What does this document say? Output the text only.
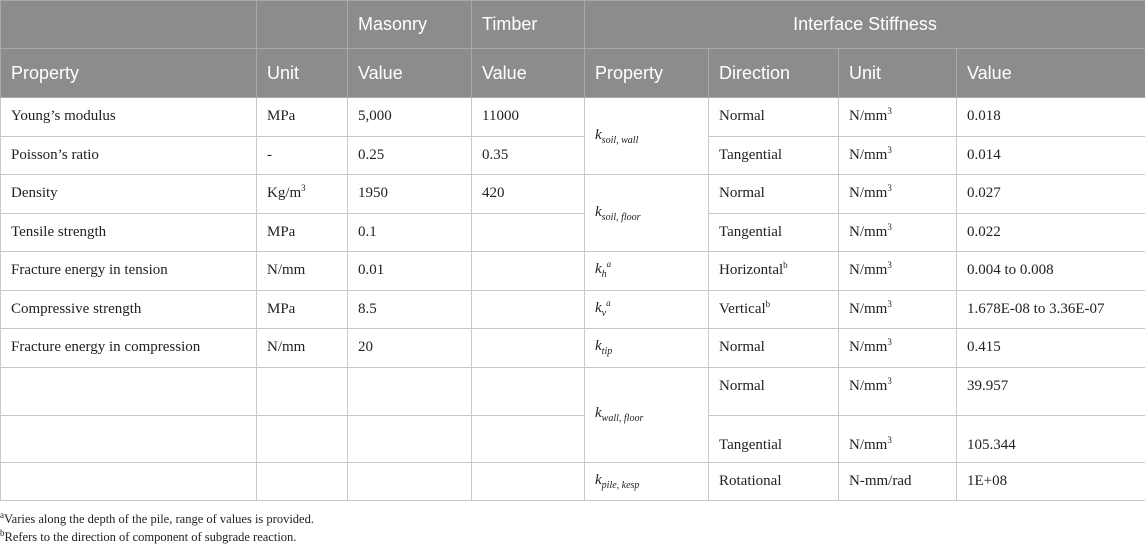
		Masonry	Timber	Interface Stiffness			
Property	Unit	Value	Value	Property	Direction	Unit	Value
Young’s modulus	MPa	5,000	11000	$k_{soil, wall}$	Normal	$N/mm^3$	0.018
Poisson’s ratio	-	0.25	0.35		Tangential	$N/mm^3$	0.014
Density	$Kg/m^3$	1950	420	$k_{soil, floor}$	Normal	$N/mm^3$	0.027
Tensile strength	MPa	0.1			Tangential	$N/mm^3$	0.022
Fracture energy in tension	N/mm	0.01		$k_h^a$	Horizontal$^b$	$N/mm^3$	0.004 to 0.008
Compressive strength	MPa	8.5		$k_v^a$	Vertical$^b$	$N/mm^3$	1.678E-08 to 3.36E-07
Fracture energy in compression	N/mm	20		$k_{tip}$	Normal	$N/mm^3$	0.415
				$k_{wall, floor}$	Normal	$N/mm^3$	39.957
					Tangential	$N/mm^3$	105.344
				$k_{pile, kesp}$	Rotational	N-mm/rad	1E+08
$^a$Varies along the depth of the pile, range of values is provided.
$^b$Refers to the direction of component of subgrade reaction.
